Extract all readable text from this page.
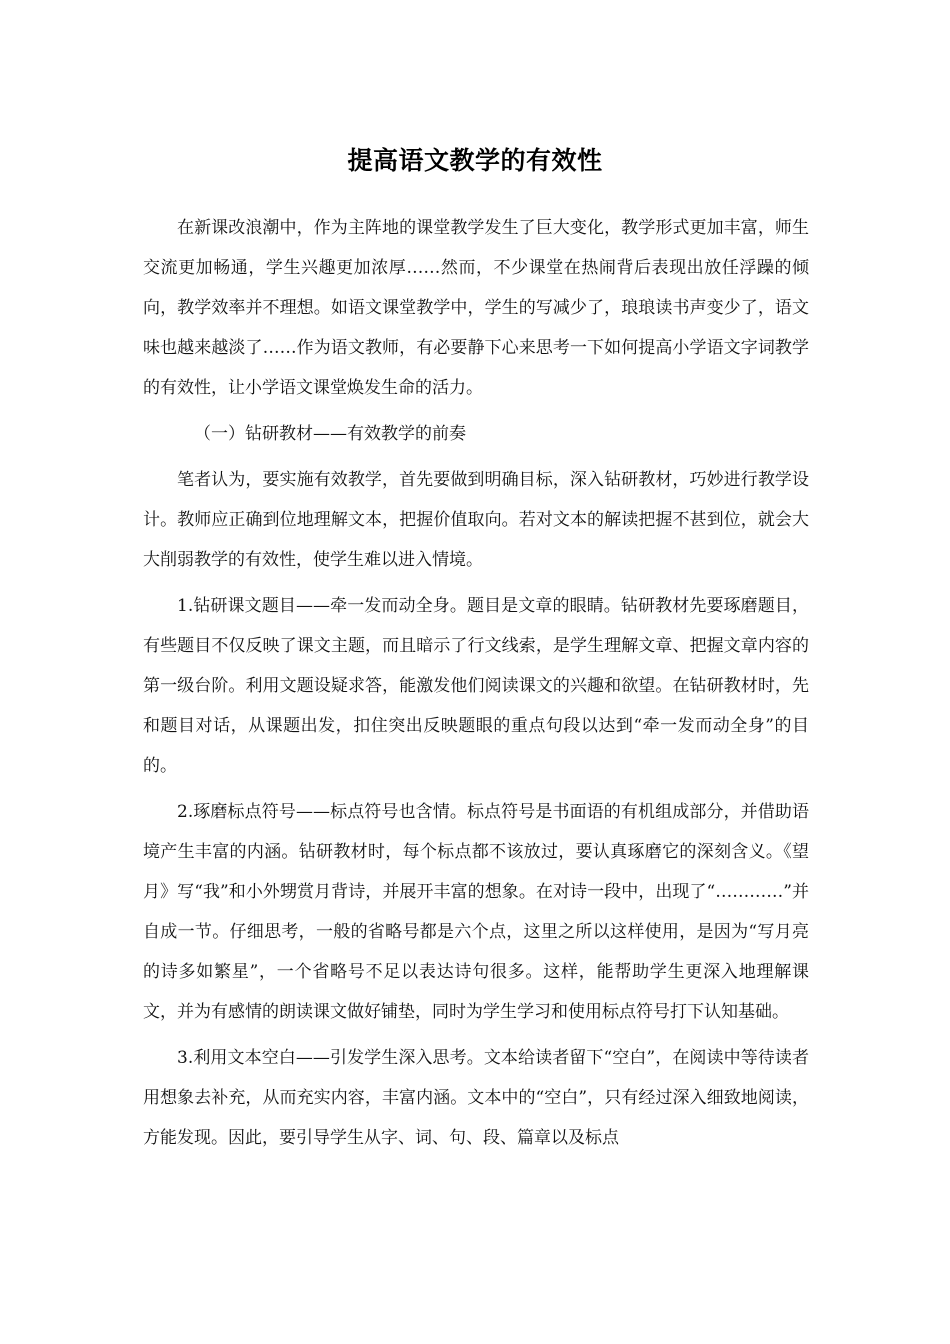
提高语文教学的有效性

在新课改浪潮中，作为主阵地的课堂教学发生了巨大变化，教学形式更加丰富，师生交流更加畅通，学生兴趣更加浓厚……然而，不少课堂在热闹背后表现出放任浮躁的倾向，教学效率并不理想。如语文课堂教学中，学生的写减少了，琅琅读书声变少了，语文味也越来越淡了……作为语文教师，有必要静下心来思考一下如何提高小学语文字词教学的有效性，让小学语文课堂焕发生命的活力。

（一）钻研教材——有效教学的前奏

笔者认为，要实施有效教学，首先要做到明确目标，深入钻研教材，巧妙进行教学设计。教师应正确到位地理解文本，把握价值取向。若对文本的解读把握不甚到位，就会大大削弱教学的有效性，使学生难以进入情境。

1.钻研课文题目——牵一发而动全身。题目是文章的眼睛。钻研教材先要琢磨题目，有些题目不仅反映了课文主题，而且暗示了行文线索，是学生理解文章、把握文章内容的第一级台阶。利用文题设疑求答，能激发他们阅读课文的兴趣和欲望。在钻研教材时，先和题目对话，从课题出发，扣住突出反映题眼的重点句段以达到“牵一发而动全身”的目的。

2.琢磨标点符号——标点符号也含情。标点符号是书面语的有机组成部分，并借助语境产生丰富的内涵。钻研教材时，每个标点都不该放过，要认真琢磨它的深刻含义。《望月》写“我”和小外甥赏月背诗，并展开丰富的想象。在对诗一段中，出现了“…………”并自成一节。仔细思考，一般的省略号都是六个点，这里之所以这样使用，是因为“写月亮的诗多如繁星”，一个省略号不足以表达诗句很多。这样，能帮助学生更深入地理解课文，并为有感情的朗读课文做好铺垫，同时为学生学习和使用标点符号打下认知基础。

3.利用文本空白——引发学生深入思考。文本给读者留下“空白”，在阅读中等待读者用想象去补充，从而充实内容，丰富内涵。文本中的“空白”，只有经过深入细致地阅读，方能发现。因此，要引导学生从字、词、句、段、篇章以及标点
